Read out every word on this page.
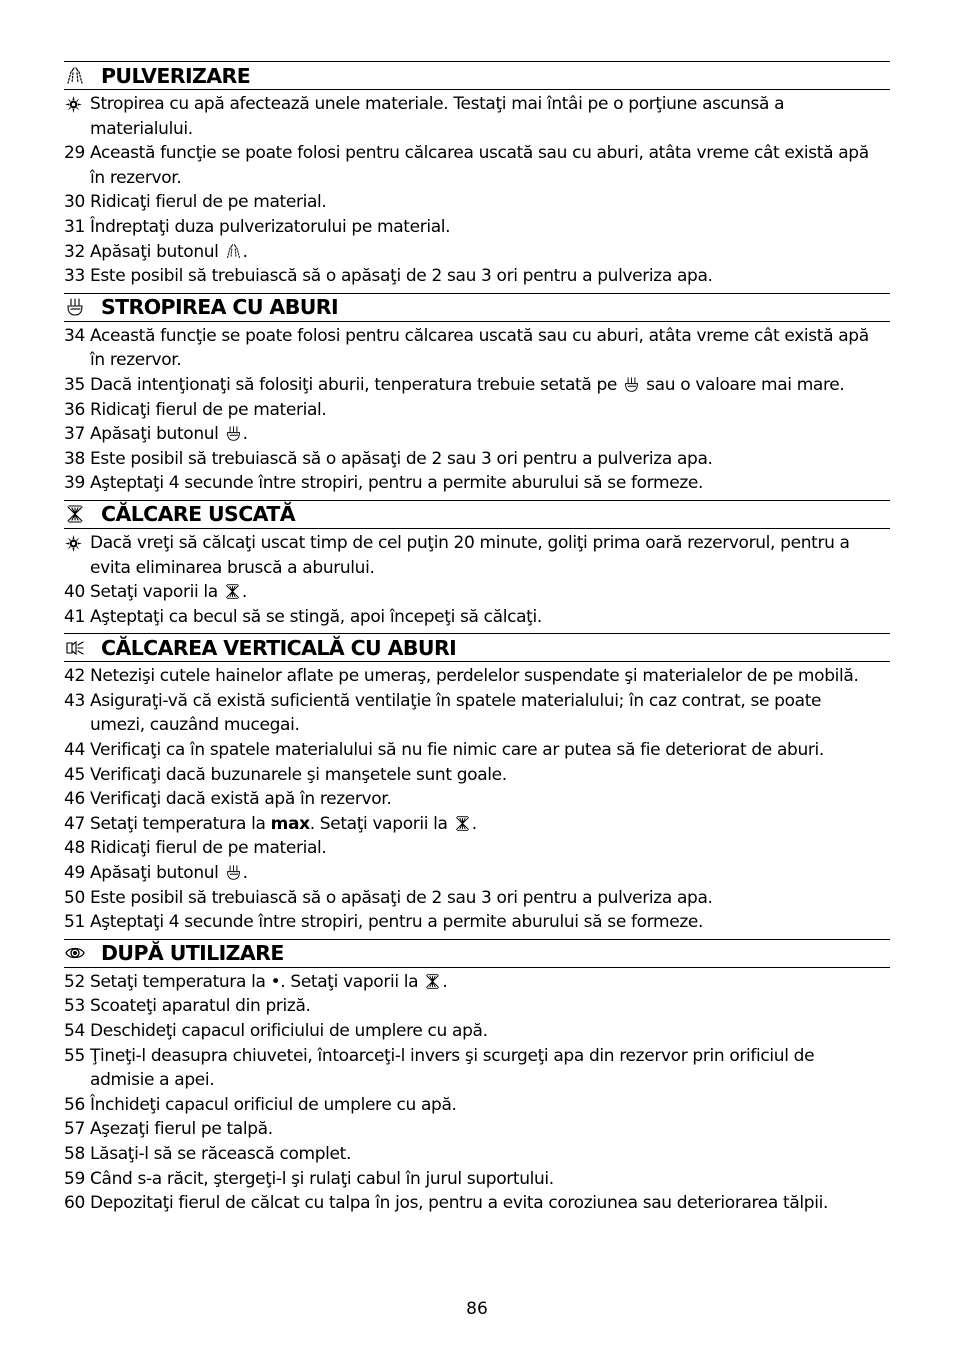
PULVERIZARE
Stropirea cu apă afectează unele materiale. Testaţi mai întâi pe o porţiune ascunsă a
materialului.
29 Această funcţie se poate folosi pentru călcarea uscată sau cu aburi, atâta vreme cât există apă
în rezervor.
30 Ridicaţi fierul de pe material.
31 Îndreptaţi duza pulverizatorului pe material.
32 Apăsaţi butonul .
33 Este posibil să trebuiască să o apăsaţi de 2 sau 3 ori pentru a pulveriza apa.
STROPIREA CU ABURI
34 Această funcţie se poate folosi pentru călcarea uscată sau cu aburi, atâta vreme cât există apă
în rezervor.
35 Dacă intenţionaţi să folosiţi aburii, tenperatura trebuie setată pe sau o valoare mai mare.
36 Ridicaţi fierul de pe material.
37 Apăsaţi butonul .
38 Este posibil să trebuiască să o apăsaţi de 2 sau 3 ori pentru a pulveriza apa.
39 Aşteptaţi 4 secunde între stropiri, pentru a permite aburului să se formeze.
CĂLCARE USCATĂ
Dacă vreţi să călcaţi uscat timp de cel puţin 20 minute, goliţi prima oară rezervorul, pentru a
evita eliminarea bruscă a aburului.
40 Setaţi vaporii la .
41 Aşteptaţi ca becul să se stingă, apoi începeţi să călcaţi.
CĂLCAREA VERTICALĂ CU ABURI
42 Netezişi cutele hainelor aflate pe umeraş, perdelelor suspendate şi materialelor de pe mobilă.
43 Asiguraţi-vă că există suficientă ventilaţie în spatele materialului; în caz contrat, se poate
umezi, cauzând mucegai.
44 Verificaţi ca în spatele materialului să nu fie nimic care ar putea să fie deteriorat de aburi.
45 Verificaţi dacă buzunarele şi manşetele sunt goale.
46 Verificaţi dacă există apă în rezervor.
47 Setaţi temperatura la max. Setaţi vaporii la .
48 Ridicaţi fierul de pe material.
49 Apăsaţi butonul .
50 Este posibil să trebuiască să o apăsaţi de 2 sau 3 ori pentru a pulveriza apa.
51 Aşteptaţi 4 secunde între stropiri, pentru a permite aburului să se formeze.
DUPĂ UTILIZARE
52 Setaţi temperatura la •. Setaţi vaporii la .
53 Scoateţi aparatul din priză.
54 Deschideţi capacul orificiului de umplere cu apă.
55 Ţineţi-l deasupra chiuvetei, întoarceţi-l invers şi scurgeţi apa din rezervor prin orificiul de
admisie a apei.
56 Închideţi capacul orificiul de umplere cu apă.
57 Aşezaţi fierul pe talpă.
58 Lăsaţi-l să se răcească complet.
59 Când s-a răcit, ştergeţi-l şi rulaţi cabul în jurul suportului.
60 Depozitaţi fierul de călcat cu talpa în jos, pentru a evita coroziunea sau deteriorarea tălpii.
86
